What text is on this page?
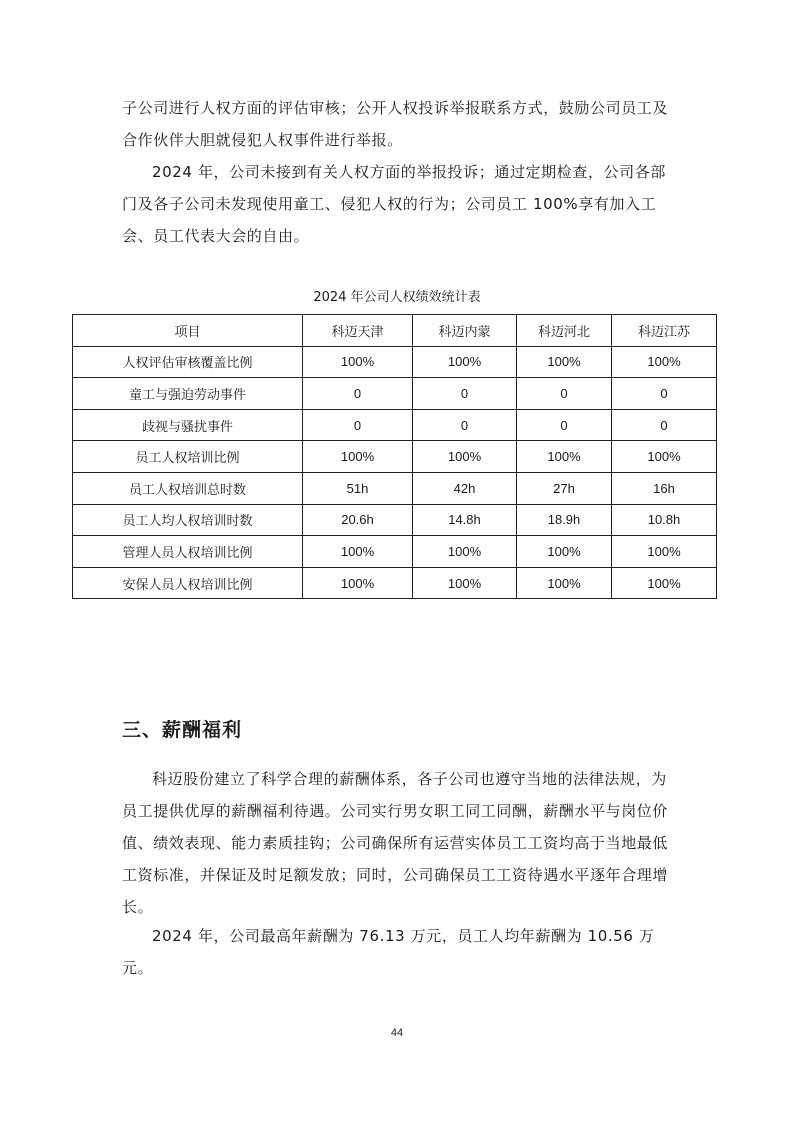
子公司进行人权方面的评估审核；公开人权投诉举报联系方式，鼓励公司员工及合作伙伴大胆就侵犯人权事件进行举报。

2024 年，公司未接到有关人权方面的举报投诉；通过定期检查，公司各部门及各子公司未发现使用童工、侵犯人权的行为；公司员工 100%享有加入工会、员工代表大会的自由。

2024 年公司人权绩效统计表

项目	科迈天津	科迈内蒙	科迈河北	科迈江苏
人权评估审核覆盖比例	100%	100%	100%	100%
童工与强迫劳动事件	0	0	0	0
歧视与骚扰事件	0	0	0	0
员工人权培训比例	100%	100%	100%	100%
员工人权培训总时数	51h	42h	27h	16h
员工人均人权培训时数	20.6h	14.8h	18.9h	10.8h
管理人员人权培训比例	100%	100%	100%	100%
安保人员人权培训比例	100%	100%	100%	100%
三、薪酬福利

科迈股份建立了科学合理的薪酬体系，各子公司也遵守当地的法律法规，为员工提供优厚的薪酬福利待遇。公司实行男女职工同工同酬，薪酬水平与岗位价值、绩效表现、能力素质挂钩；公司确保所有运营实体员工工资均高于当地最低工资标准，并保证及时足额发放；同时，公司确保员工工资待遇水平逐年合理增长。

2024 年，公司最高年薪酬为 76.13 万元，员工人均年薪酬为 10.56 万元。

44
